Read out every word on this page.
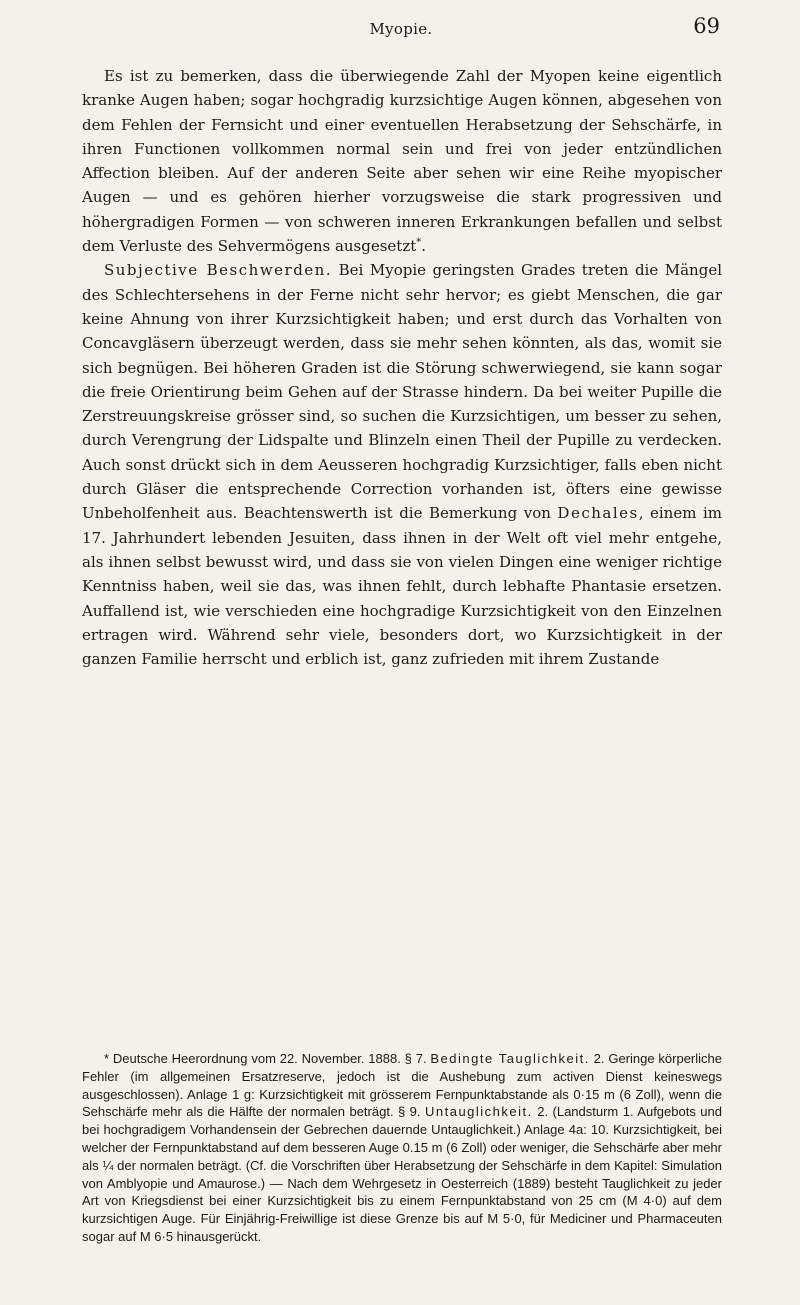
Myopie.	69

Es ist zu bemerken, dass die überwiegende Zahl der Myopen keine eigentlich kranke Augen haben; sogar hochgradig kurzsichtige Augen können, abgesehen von dem Fehlen der Fernsicht und einer eventuellen Herabsetzung der Sehschärfe, in ihren Functionen vollkommen normal sein und frei von jeder entzündlichen Affection bleiben. Auf der anderen Seite aber sehen wir eine Reihe myopischer Augen — und es gehören hierher vorzugsweise die stark progressiven und höhergradigen Formen — von schweren inneren Erkrankungen befallen und selbst dem Verluste des Sehvermögens ausgesetzt*.

Subjective Beschwerden. Bei Myopie geringsten Grades treten die Mängel des Schlechtersehens in der Ferne nicht sehr hervor; es giebt Menschen, die gar keine Ahnung von ihrer Kurzsichtigkeit haben; und erst durch das Vorhalten von Concavgläsern überzeugt werden, dass sie mehr sehen könnten, als das, womit sie sich begnügen. Bei höheren Graden ist die Störung schwerwiegend, sie kann sogar die freie Orientirung beim Gehen auf der Strasse hindern. Da bei weiter Pupille die Zerstreuungskreise grösser sind, so suchen die Kurzsichtigen, um besser zu sehen, durch Verengrung der Lidspalte und Blinzeln einen Theil der Pupille zu verdecken. Auch sonst drückt sich in dem Aeusseren hochgradig Kurzsichtiger, falls eben nicht durch Gläser die entsprechende Correction vorhanden ist, öfters eine gewisse Unbeholfenheit aus. Beachtenswerth ist die Bemerkung von Dechales, einem im 17. Jahrhundert lebenden Jesuiten, dass ihnen in der Welt oft viel mehr entgehe, als ihnen selbst bewusst wird, und dass sie von vielen Dingen eine weniger richtige Kenntniss haben, weil sie das, was ihnen fehlt, durch lebhafte Phantasie ersetzen. Auffallend ist, wie verschieden eine hochgradige Kurzsichtigkeit von den Einzelnen ertragen wird. Während sehr viele, besonders dort, wo Kurzsichtigkeit in der ganzen Familie herrscht und erblich ist, ganz zufrieden mit ihrem Zustande

* Deutsche Heerordnung vom 22. November. 1888. § 7. Bedingte Tauglichkeit. 2. Geringe körperliche Fehler (im allgemeinen Ersatzreserve, jedoch ist die Aushebung zum activen Dienst keineswegs ausgeschlossen). Anlage 1 g: Kurzsichtigkeit mit grösserem Fernpunktabstande als 0·15 m (6 Zoll), wenn die Sehschärfe mehr als die Hälfte der normalen beträgt. § 9. Untauglichkeit. 2. (Landsturm 1. Aufgebots und bei hochgradigem Vorhandensein der Gebrechen dauernde Untauglichkeit.) Anlage 4a: 10. Kurzsichtigkeit, bei welcher der Fernpunktabstand auf dem besseren Auge 0.15 m (6 Zoll) oder weniger, die Sehschärfe aber mehr als ¼ der normalen beträgt. (Cf. die Vorschriften über Herabsetzung der Sehschärfe in dem Kapitel: Simulation von Amblyopie und Amaurose.) — Nach dem Wehrgesetz in Oesterreich (1889) besteht Tauglichkeit zu jeder Art von Kriegsdienst bei einer Kurzsichtigkeit bis zu einem Fernpunktabstand von 25 cm (M 4·0) auf dem kurzsichtigen Auge. Für Einjährig-Freiwillige ist diese Grenze bis auf M 5·0, für Mediciner und Pharmaceuten sogar auf M 6·5 hinausgerückt.
